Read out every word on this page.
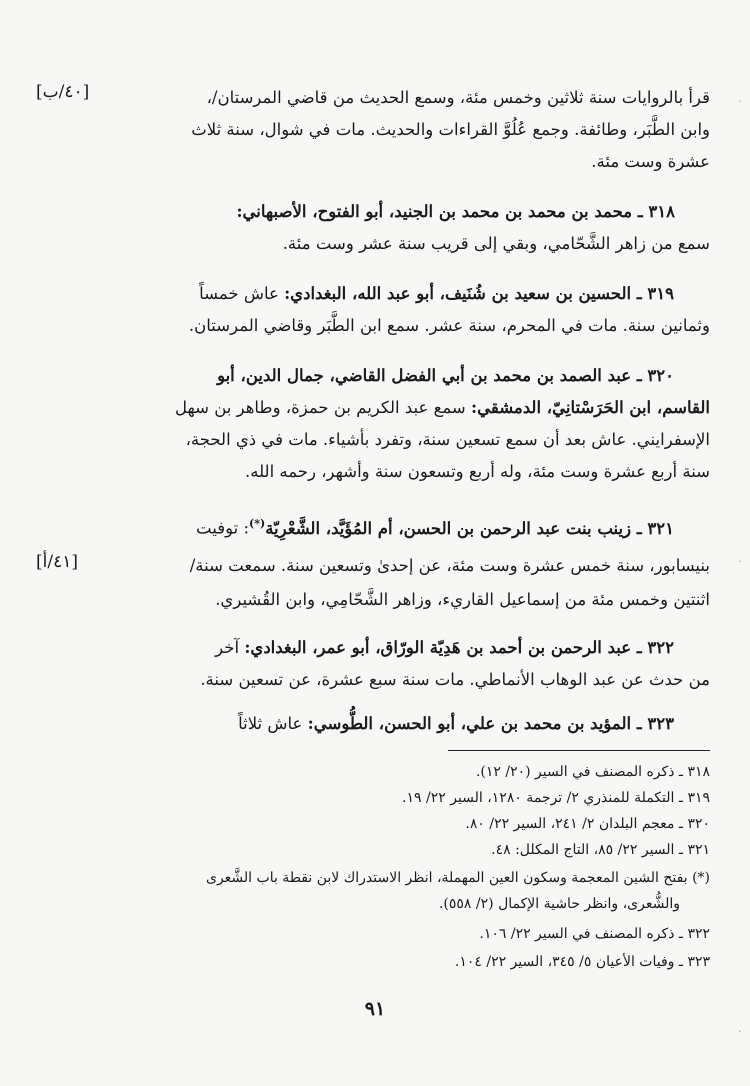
[٤٠/ب]
[٤١/أ]

قرأ بالروايات سنة ثلاثين وخمس مئة، وسمع الحديث من قاضي المرستان/،

وابن الطَّبَر، وطائفة. وجمع عُلُوَّ القراءات والحديث. مات في شوال، سنة ثلاث

عشرة وست مئة.

٣١٨ ـ محمد بن محمد بن محمد بن الجنيد، أبو الفتوح، الأصبهاني:

سمع من زاهر الشَّحّامي، وبقي إلى قريب سنة عشر وست مئة.

٣١٩ ـ الحسين بن سعيد بن شُنَيف، أبو عبد الله، البغدادي: عاش خمساً

وثمانين سنة. مات في المحرم، سنة عشر. سمع ابن الطَّبَر وقاضي المرستان.

٣٢٠ ـ عبد الصمد بن محمد بن أبي الفضل القاضي، جمال الدين، أبو

القاسم، ابن الحَرَسْتانِيّ، الدمشقي: سمع عبد الكريم بن حمزة، وطاهر بن سهل

الإسفرايني. عاش بعد أن سمع تسعين سنة، وتفرد بأشياء. مات في ذي الحجة،

سنة أربع عشرة وست مئة، وله أربع وتسعون سنة وأشهر، رحمه الله.

٣٢١ ـ زينب بنت عبد الرحمن بن الحسن، أم المُؤَيَّد، الشَّعْرِيّة(*): توفيت

بنيسابور، سنة خمس عشرة وست مئة، عن إحدىٰ وتسعين سنة. سمعت سنة/

اثنتين وخمس مئة من إسماعيل القاريء، وزاهر الشَّحّامِي، وابن القُشيري.

٣٢٢ ـ عبد الرحمن بن أحمد بن هَدِيّة الورّاق، أبو عمر، البغدادي: آخر

من حدث عن عبد الوهاب الأنماطي. مات سنة سبع عشرة، عن تسعين سنة.

٣٢٣ ـ المؤيد بن محمد بن علي، أبو الحسن، الطُّوسي: عاش ثلاثاً

٣١٨ ـ ذكره المصنف في السير (٢٠/ ١٢).

٣١٩ ـ التكملة للمنذري ٢/ ترجمة ١٢٨٠، السير ٢٢/ ١٩.

٣٢٠ ـ معجم البلدان ٢/ ٢٤١، السير ٢٢/ ٨٠.

٣٢١ ـ السير ٢٢/ ٨٥، التاج المكلل: ٤٨.

(*) بفتح الشين المعجمة وسكون العين المهملة، انظر الاستدراك لابن نقطة باب الشَّعرى

والشُّعرى، وانظر حاشية الإكمال (٢/ ٥٥٨).

٣٢٢ ـ ذكره المصنف في السير ٢٢/ ١٠٦.

٣٢٣ ـ وفيات الأعيان ٥/ ٣٤٥، السير ٢٢/ ١٠٤.

٩١
·
·
·
